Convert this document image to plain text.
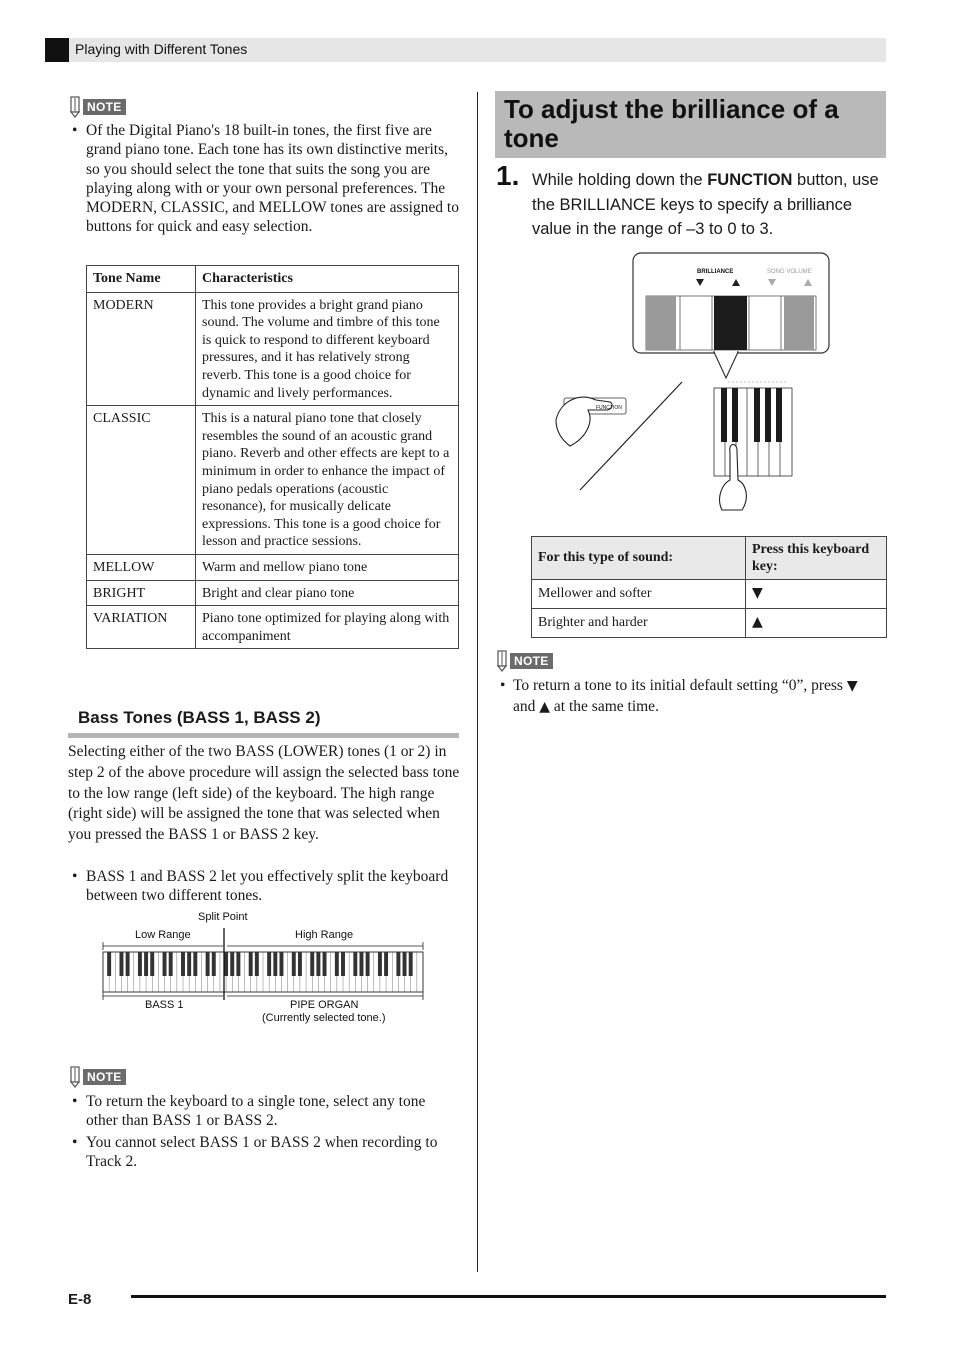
Playing with Different Tones
NOTE
• Of the Digital Piano's 18 built-in tones, the first five are grand piano tone. Each tone has its own distinctive merits, so you should select the tone that suits the song you are playing along with or your own personal preferences. The MODERN, CLASSIC, and MELLOW tones are assigned to buttons for quick and easy selection.
Tone Name	Characteristics
MODERN	This tone provides a bright grand piano sound. The volume and timbre of this tone is quick to respond to different keyboard pressures, and it has relatively strong reverb. This tone is a good choice for dynamic and lively performances.
CLASSIC	This is a natural piano tone that closely resembles the sound of an acoustic grand piano. Reverb and other effects are kept to a minimum in order to enhance the impact of piano pedals operations (acoustic resonance), for musically delicate expressions. This tone is a good choice for lesson and practice sessions.
MELLOW	Warm and mellow piano tone
BRIGHT	Bright and clear piano tone
VARIATION	Piano tone optimized for playing along with accompaniment
Bass Tones (BASS 1, BASS 2)
Selecting either of the two BASS (LOWER) tones (1 or 2) in step 2 of the above procedure will assign the selected bass tone to the low range (left side) of the keyboard. The high range (right side) will be assigned the tone that was selected when you pressed the BASS 1 or BASS 2 key.
• BASS 1 and BASS 2 let you effectively split the keyboard between two different tones.
Split Point
Low Range	High Range
BASS 1	PIPE ORGAN
(Currently selected tone.)
NOTE
• To return the keyboard to a single tone, select any tone other than BASS 1 or BASS 2.
• You cannot select BASS 1 or BASS 2 when recording to Track 2.
To adjust the brilliance of a tone
1. While holding down the FUNCTION button, use the BRILLIANCE keys to specify a brilliance value in the range of –3 to 0 to 3.
BRILLIANCE	SONG VOLUME
FUNCTION
For this type of sound:	Press this keyboard key:
Mellower and softer	▼
Brighter and harder	▲
NOTE
• To return a tone to its initial default setting “0”, press ▼ and ▲ at the same time.
E-8
